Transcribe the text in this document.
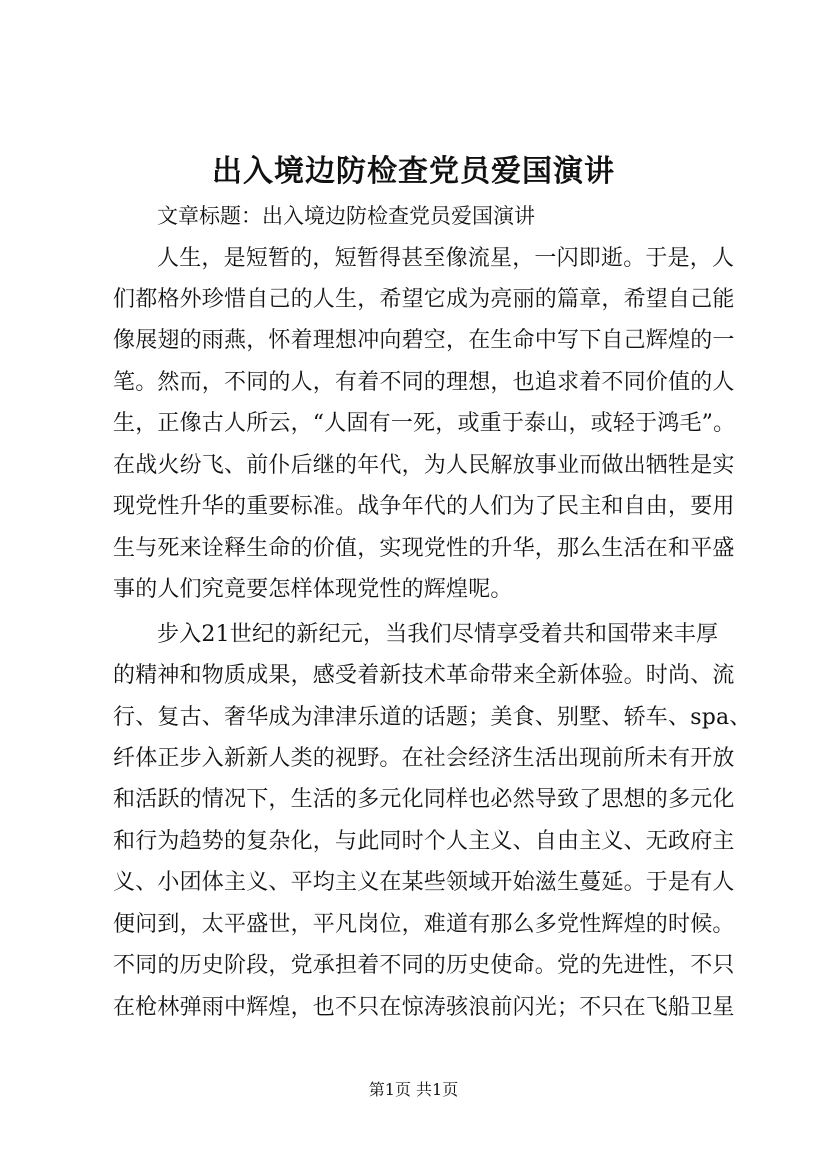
出入境边防检查党员爱国演讲
文章标题：出入境边防检查党员爱国演讲
人生，是短暂的，短暂得甚至像流星，一闪即逝。于是，人
们都格外珍惜自己的人生，希望它成为亮丽的篇章，希望自己能
像展翅的雨燕，怀着理想冲向碧空，在生命中写下自己辉煌的一
笔。然而，不同的人，有着不同的理想，也追求着不同价值的人
生，正像古人所云，“人固有一死，或重于泰山，或轻于鸿毛”。
在战火纷飞、前仆后继的年代，为人民解放事业而做出牺牲是实
现党性升华的重要标准。战争年代的人们为了民主和自由，要用
生与死来诠释生命的价值，实现党性的升华，那么生活在和平盛
事的人们究竟要怎样体现党性的辉煌呢。
步入21世纪的新纪元，当我们尽情享受着共和国带来丰厚
的精神和物质成果，感受着新技术革命带来全新体验。时尚、流
行、复古、奢华成为津津乐道的话题；美食、别墅、轿车、spa、
纤体正步入新新人类的视野。在社会经济生活出现前所未有开放
和活跃的情况下，生活的多元化同样也必然导致了思想的多元化
和行为趋势的复杂化，与此同时个人主义、自由主义、无政府主
义、小团体主义、平均主义在某些领域开始滋生蔓延。于是有人
便问到，太平盛世，平凡岗位，难道有那么多党性辉煌的时候。
不同的历史阶段，党承担着不同的历史使命。党的先进性，不只
在枪林弹雨中辉煌，也不只在惊涛骇浪前闪光；不只在飞船卫星
第1页 共1页
